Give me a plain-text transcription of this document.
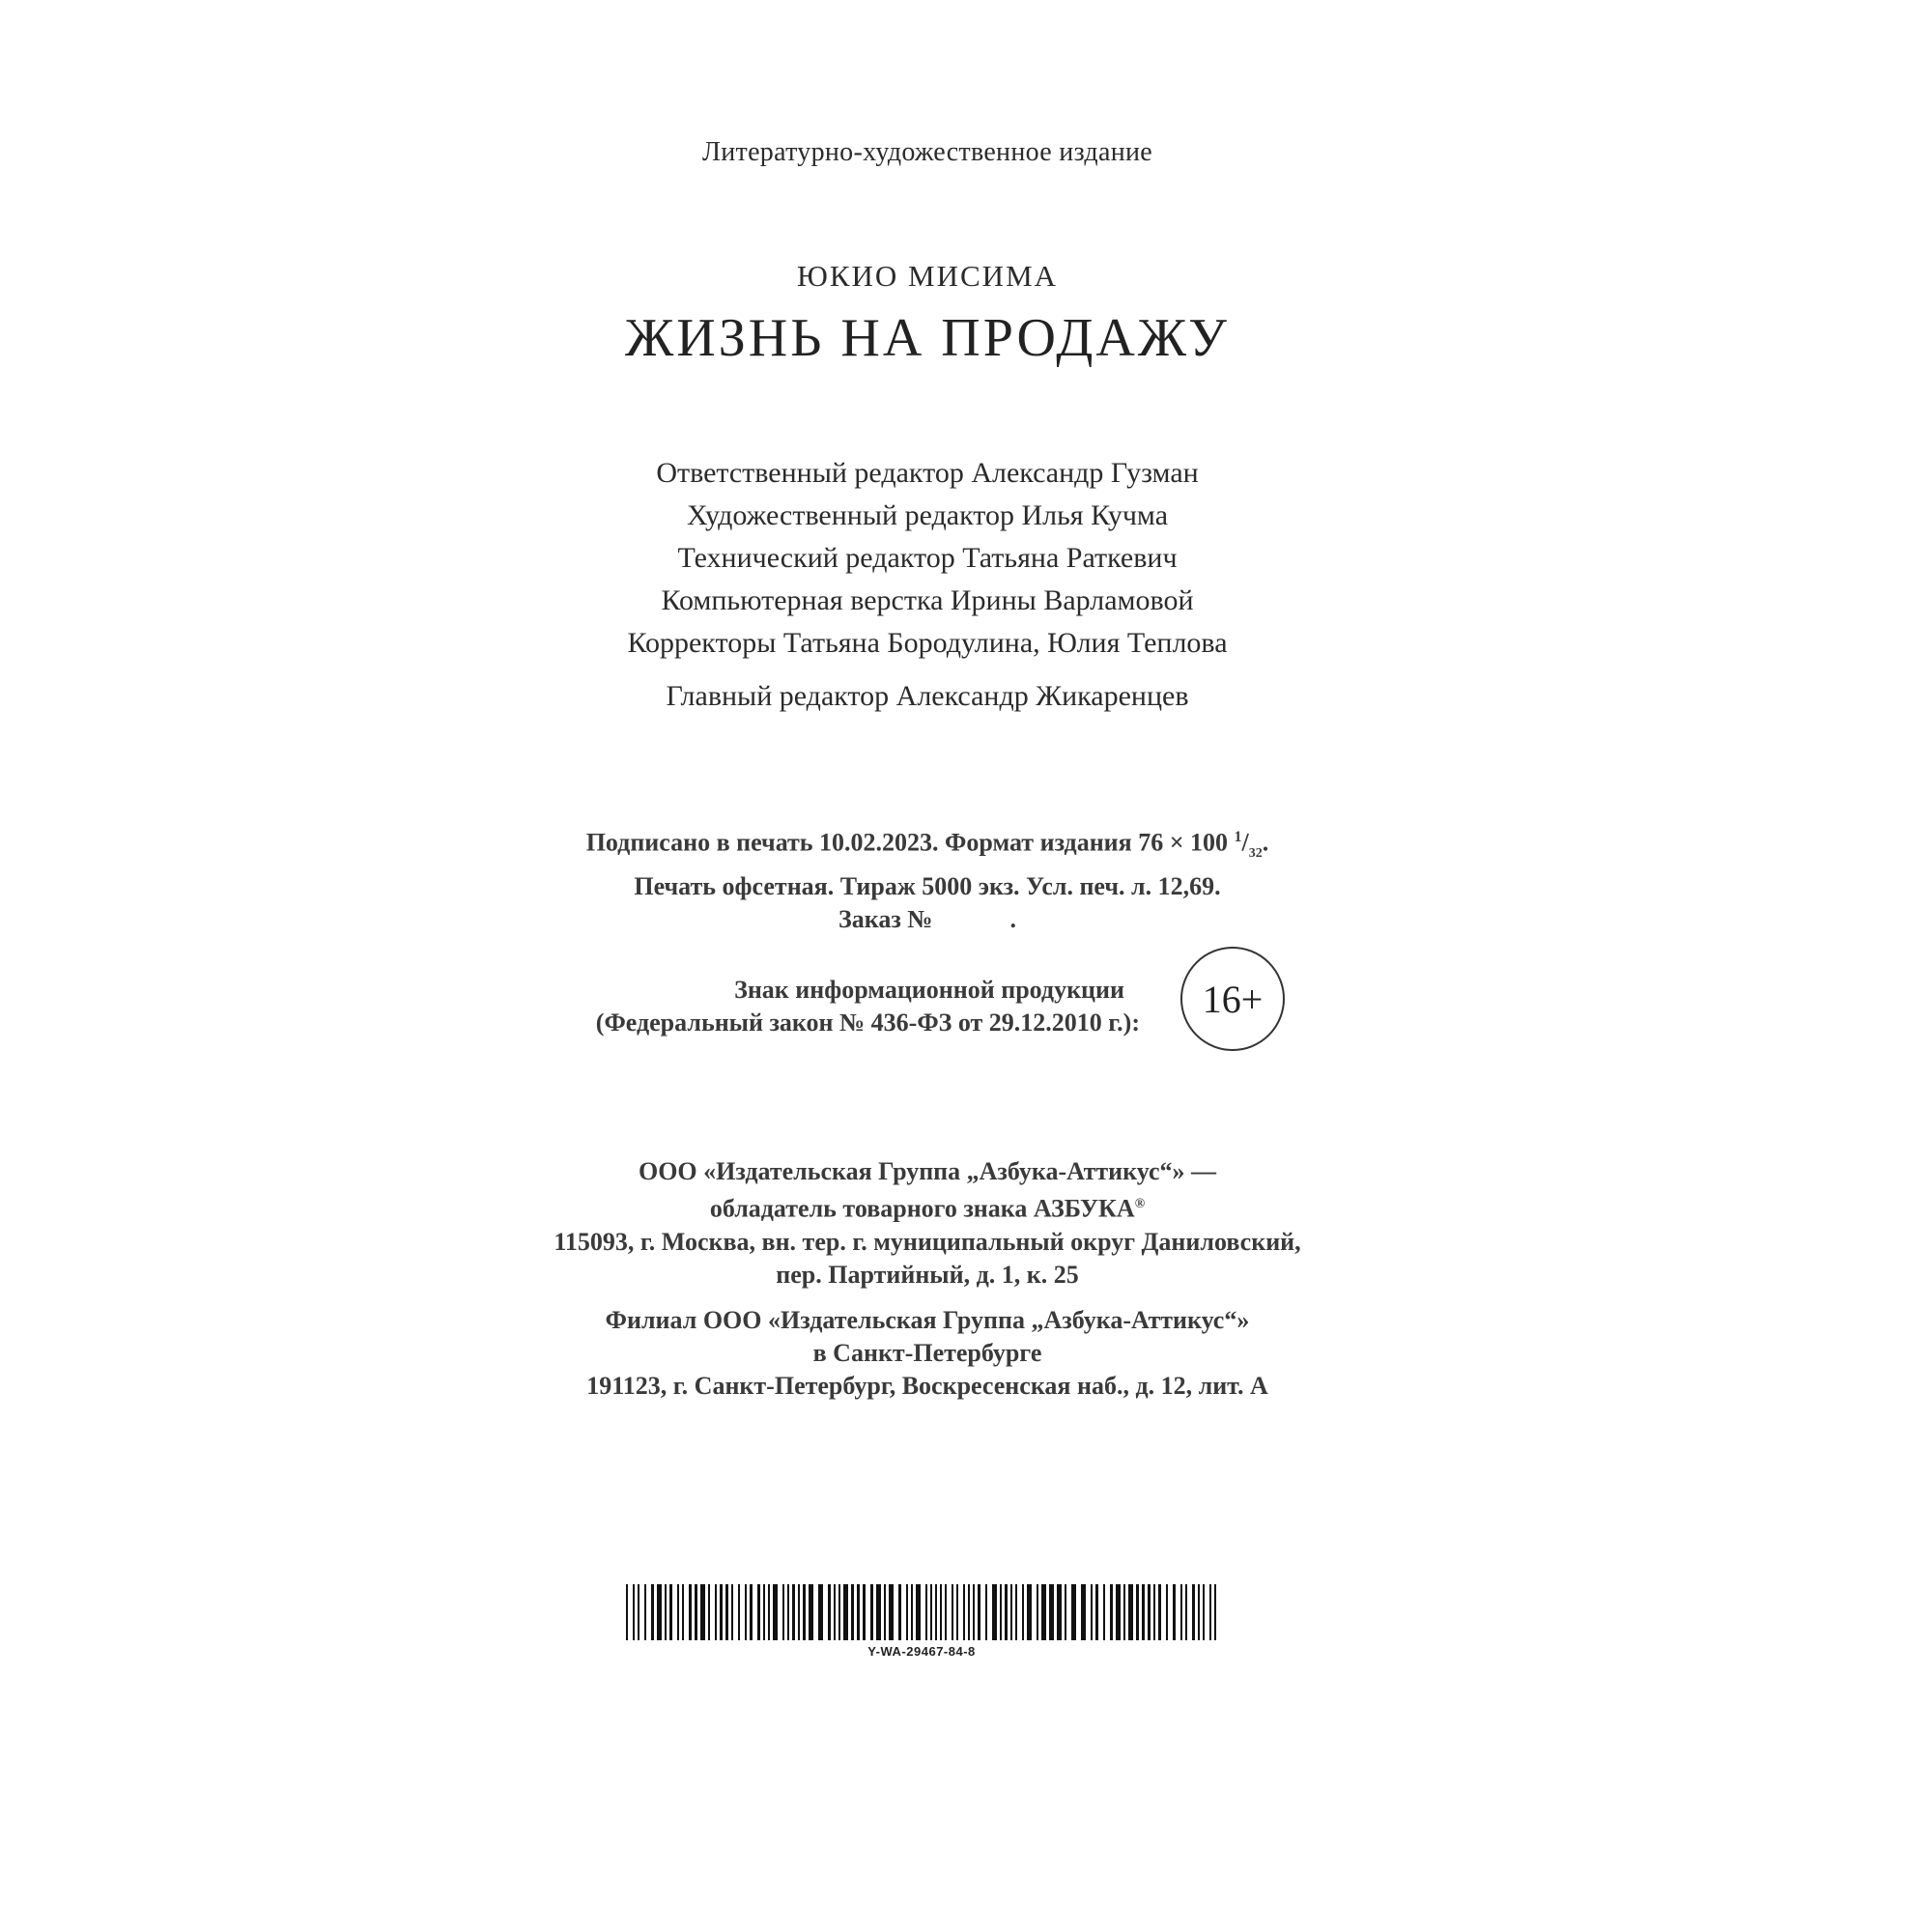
Литературно-художественное издание
ЮКИО МИСИМА
ЖИЗНЬ НА ПРОДАЖУ
Ответственный редактор Александр Гузман
Художественный редактор Илья Кучма
Технический редактор Татьяна Раткевич
Компьютерная верстка Ирины Варламовой
Корректоры Татьяна Бородулина, Юлия Теплова
Главный редактор Александр Жикаренцев
Подписано в печать 10.02.2023. Формат издания 76 × 100 $^1/_{32}$.
Печать офсетная. Тираж 5000 экз. Усл. печ. л. 12,69.
Заказ №	.
Знак информационной продукции
(Федеральный закон № 436-ФЗ от 29.12.2010 г.):
16+
ООО «Издательская Группа „Азбука-Аттикус“» —
обладатель товарного знака АЗБУКА®
115093, г. Москва, вн. тер. г. муниципальный округ Даниловский,
пер. Партийный, д. 1, к. 25
Филиал ООО «Издательская Группа „Азбука-Аттикус“»
в Санкт-Петербурге
191123, г. Санкт-Петербург, Воскресенская наб., д. 12, лит. А
Y-WA-29467-84-8
